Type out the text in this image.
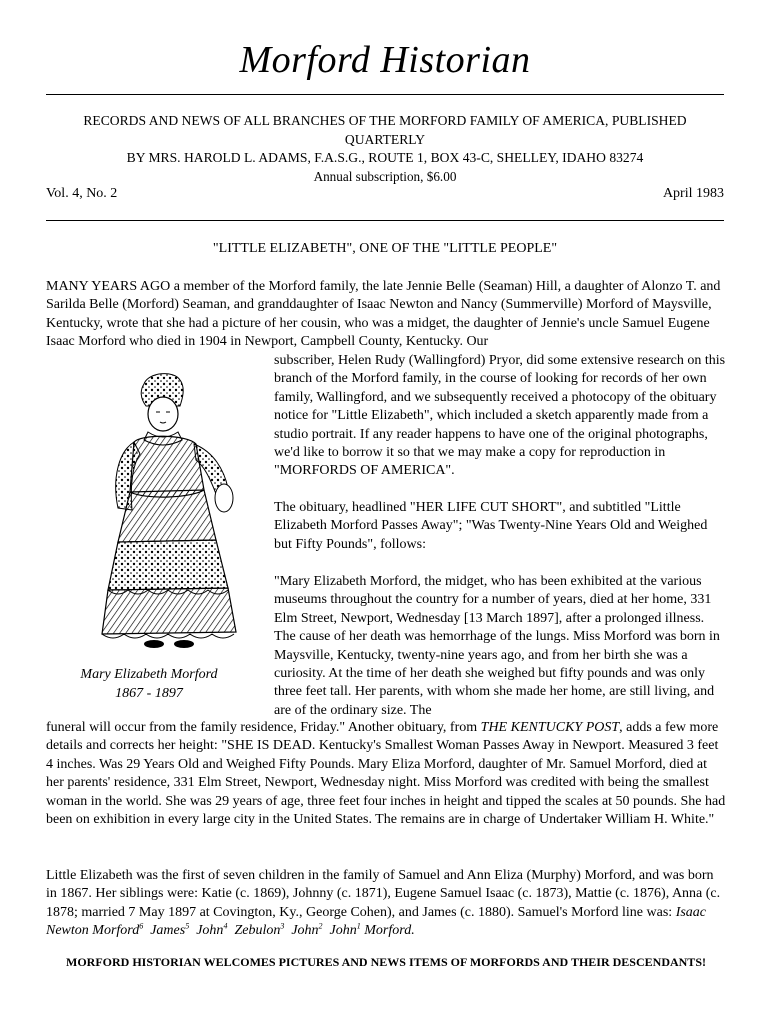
Morford Historian
RECORDS AND NEWS OF ALL BRANCHES OF THE MORFORD FAMILY OF AMERICA, PUBLISHED QUARTERLY
BY MRS. HAROLD L. ADAMS, F.A.S.G., ROUTE 1, BOX 43-C, SHELLEY, IDAHO 83274
Annual subscription, $6.00
Vol. 4, No. 2	April 1983
"LITTLE ELIZABETH", ONE OF THE "LITTLE PEOPLE"
MANY YEARS AGO a member of the Morford family, the late Jennie Belle (Seaman) Hill, a daughter of Alonzo T. and Sarilda Belle (Morford) Seaman, and granddaughter of Isaac Newton and Nancy (Summerville) Morford of Maysville, Kentucky, wrote that she had a picture of her cousin, who was a midget, the daughter of Jennie's uncle Samuel Eugene Isaac Morford who died in 1904 in Newport, Campbell County, Kentucky. Our
subscriber, Helen Rudy (Wallingford) Pryor, did some extensive research on this branch of the Morford family, in the course of looking for records of her own family, Wallingford, and we subsequently received a photocopy of the obituary notice for "Little Elizabeth", which included a sketch apparently made from a studio portrait. If any reader happens to have one of the original photographs, we'd like to borrow it so that we may make a copy for reproduction in "MORFORDS OF AMERICA".
The obituary, headlined "HER LIFE CUT SHORT", and subtitled "Little Elizabeth Morford Passes Away"; "Was Twenty-Nine Years Old and Weighed but Fifty Pounds", follows:
"Mary Elizabeth Morford, the midget, who has been exhibited at the various museums throughout the country for a number of years, died at her home, 331 Elm Street, Newport, Wednesday [13 March 1897], after a prolonged illness. The cause of her death was hemorrhage of the lungs. Miss Morford was born in Maysville, Kentucky, twenty-nine years ago, and from her birth she was a curiosity. At the time of her death she weighed but fifty pounds and was only three feet tall. Her parents, with whom she made her home, are still living, and are of the ordinary size. The
funeral will occur from the family residence, Friday." Another obituary, from THE KENTUCKY POST, adds a few more details and corrects her height: "SHE IS DEAD. Kentucky's Smallest Woman Passes Away in Newport. Measured 3 feet 4 inches. Was 29 Years Old and Weighed Fifty Pounds. Mary Eliza Morford, daughter of Mr. Samuel Morford, died at her parents' residence, 331 Elm Street, Newport, Wednesday night. Miss Morford was credited with being the smallest woman in the world. She was 29 years of age, three feet four inches in height and tipped the scales at 50 pounds. She had been on exhibition in every large city in the United States. The remains are in charge of Undertaker William H. White."
Little Elizabeth was the first of seven children in the family of Samuel and Ann Eliza (Murphy) Morford, and was born in 1867. Her siblings were: Katie (c. 1869), Johnny (c. 1871), Eugene Samuel Isaac (c. 1873), Mattie (c. 1876), Anna (c. 1878; married 7 May 1897 at Covington, Ky., George Cohen), and James (c. 1880). Samuel's Morford line was: Isaac Newton Morford$^6$ James$^5$ John$^4$ Zebulon$^3$ John$^2$ John$^1$ Morford.
Mary Elizabeth Morford
1867 - 1897
MORFORD HISTORIAN WELCOMES PICTURES AND NEWS ITEMS OF MORFORDS AND THEIR DESCENDANTS!
